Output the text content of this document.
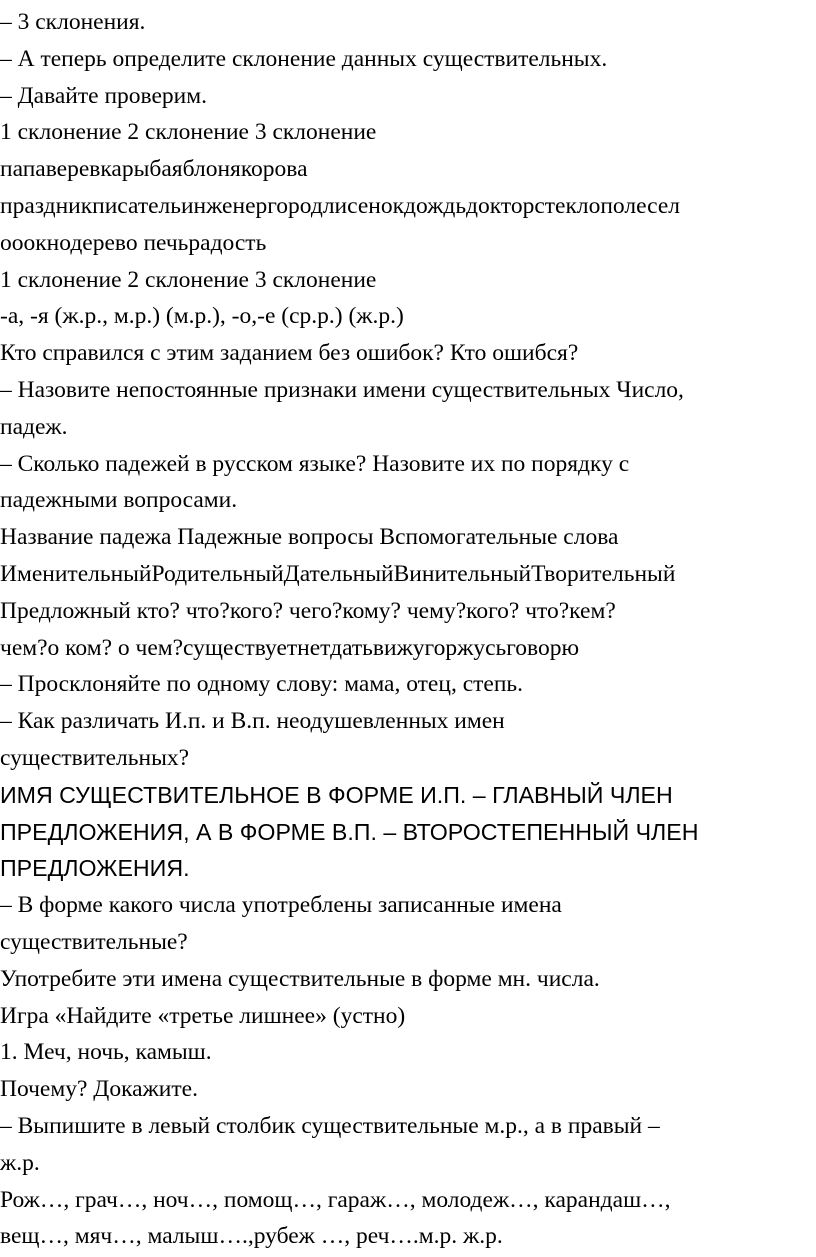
– 3 склонения.

– А теперь определите склонение данных существительных.

– Давайте проверим.

1 склонение 2 склонение 3 склонение

папаверевкарыбаяблонякорова

праздникписательинженергородлисенокдождьдокторстеклополесел

ооокнодерево печьрадость

1 склонение 2 склонение 3 склонение

-а, -я (ж.р., м.р.) (м.р.), -о,-е (ср.р.) (ж.р.)

Кто справился с этим заданием без ошибок? Кто ошибся?

– Назовите непостоянные признаки имени существительных Число,

падеж.

– Сколько падежей в русском языке? Назовите их по порядку с

падежными вопросами.

Название падежа Падежные вопросы Вспомогательные слова

ИменительныйРодительныйДательныйВинительныйТворительный

Предложный кто? что?кого? чего?кому? чему?кого? что?кем?

чем?о ком? о чем?существуетнетдатьвижугоржусьговорю

– Просклоняйте по одному слову: мама, отец, степь.

– Как различать И.п. и В.п. неодушевленных имен

существительных?

ИМЯ СУЩЕСТВИТЕЛЬНОЕ В ФОРМЕ И.П. – ГЛАВНЫЙ ЧЛЕН

ПРЕДЛОЖЕНИЯ, А В ФОРМЕ В.П. – ВТОРОСТЕПЕННЫЙ ЧЛЕН

ПРЕДЛОЖЕНИЯ.

– В форме какого числа употреблены записанные имена

существительные?

Употребите эти имена существительные в форме мн. числа.

Игра «Найдите «третье лишнее» (устно)

1. Меч, ночь, камыш.

Почему? Докажите.

– Выпишите в левый столбик существительные м.р., а в правый –

ж.р.

Рож…, грач…, ноч…, помощ…, гараж…, молодеж…, карандаш…,

вещ…, мяч…, малыш….,рубеж …, реч….м.р. ж.р.
